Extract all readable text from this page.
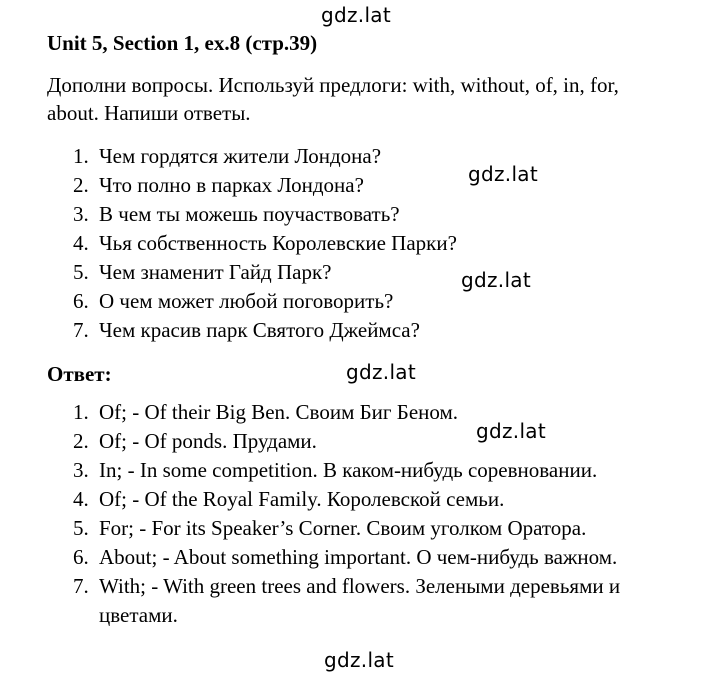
gdz.lat
Unit 5, Section 1, ex.8 (стр.39)
Дополни вопросы. Используй предлоги: with, without, of, in, for, about. Напиши ответы.
1. Чем гордятся жители Лондона?
2. Что полно в парках Лондона?
3. В чем ты можешь поучаствовать?
4. Чья собственность Королевские Парки?
5. Чем знаменит Гайд Парк?
6. О чем может любой поговорить?
7. Чем красив парк Святого Джеймса?
gdz.lat
gdz.lat
Ответ:	gdz.lat
1. Of; - Of their Big Ben. Своим Биг Беном.
2. Of; - Of ponds. Прудами.
3. In; - In some competition. В каком-нибудь соревновании.
4. Of; - Of the Royal Family. Королевской семьи.
5. For; - For its Speaker’s Corner. Своим уголком Оратора.
6. About; - About something important. О чем-нибудь важном.
7. With; - With green trees and flowers. Зелеными деревьями и
цветами.
gdz.lat
gdz.lat
